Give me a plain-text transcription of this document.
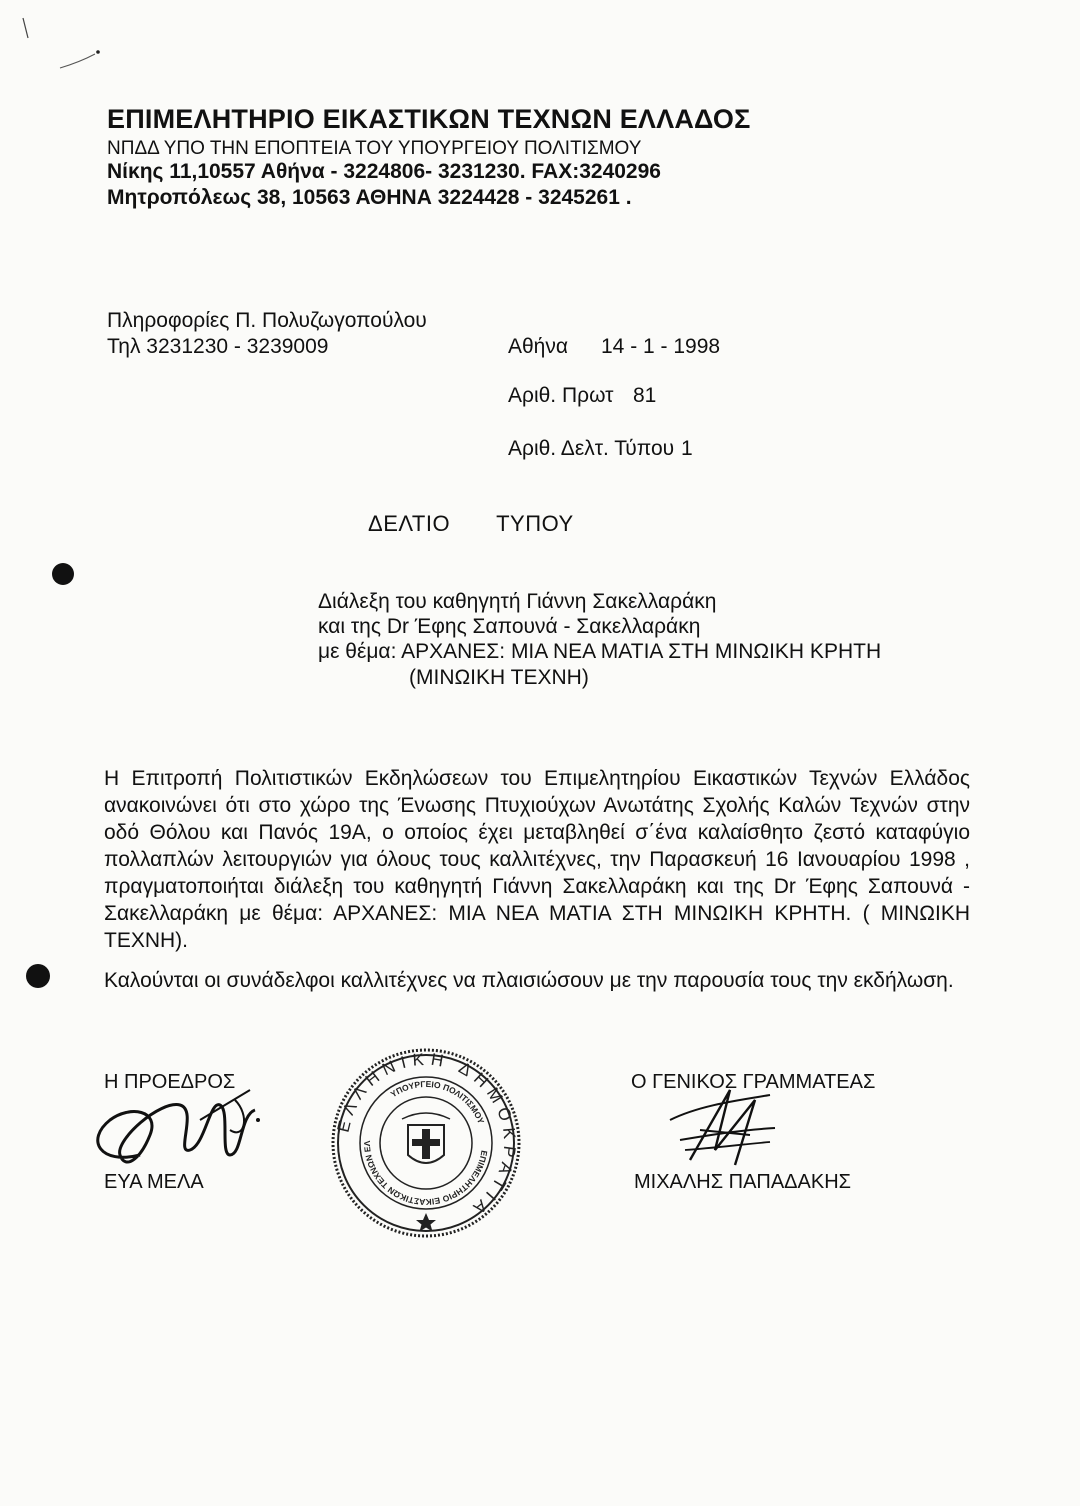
ΕΠΙΜΕΛΗΤΗΡΙΟ ΕΙΚΑΣΤΙΚΩΝ ΤΕΧΝΩΝ ΕΛΛΑΔΟΣ
ΝΠΔΔ ΥΠΟ ΤΗΝ ΕΠΟΠΤΕΙΑ ΤΟΥ ΥΠΟΥΡΓΕΙΟΥ ΠΟΛΙΤΙΣΜΟΥ
Νίκης 11,10557 Αθήνα - 3224806- 3231230. FAX:3240296
Μητροπόλεως 38, 10563 ΑΘΗΝΑ 3224428 - 3245261 .
Πληροφορίες Π. Πολυζωγοπούλου
Τηλ 3231230 - 3239009	Αθήνα 14 - 1 - 1998
Αριθ. Πρωτ 81
Αριθ. Δελτ. Τύπου 1
ΔΕΛΤΙΟ ΤΥΠΟΥ
Διάλεξη του καθηγητή Γιάννη Σακελλαράκη
και της Dr Έφης Σαπουνά - Σακελλαράκη
με θέμα: ΑΡΧΑΝΕΣ: ΜΙΑ ΝΕΑ ΜΑΤΙΑ ΣΤΗ ΜΙΝΩΙΚΗ ΚΡΗΤΗ
(ΜΙΝΩΙΚΗ ΤΕΧΝΗ)
Η Επιτροπή Πολιτιστικών Εκδηλώσεων του Επιμελητηρίου Εικαστικών Τεχνών Ελλάδος ανακοινώνει ότι στο χώρο της Ένωσης Πτυχιούχων Ανωτάτης Σχολής Καλών Τεχνών στην οδό Θόλου και Πανός 19Α, ο οποίος έχει μεταβληθεί σ΄ένα καλαίσθητο ζεστό καταφύγιο πολλαπλών λειτουργιών για όλους τους καλλιτέχνες, την Παρασκευή 16 Ιανουαρίου 1998 , πραγματοποιήται διάλεξη του καθηγητή Γιάννη Σακελλαράκη και της Dr Έφης Σαπουνά - Σακελλαράκη με θέμα: ΑΡΧΑΝΕΣ: ΜΙΑ ΝΕΑ ΜΑΤΙΑ ΣΤΗ ΜΙΝΩΙΚΗ ΚΡΗΤΗ. ( ΜΙΝΩΙΚΗ ΤΕΧΝΗ).
Καλούνται οι συνάδελφοι καλλιτέχνες να πλαισιώσουν με την παρουσία τους την εκδήλωση.
Η ΠΡΟΕΔΡΟΣ
ΕΥΑ ΜΕΛΑ
ΕΛΛΗΝΙΚΗ ΔΗΜΟΚΡΑΤΙΑ
ΕΠΙΜΕΛΗΤΗΡΙΟ ΕΙΚΑΣΤΙΚΩΝ ΤΕΧΝΩΝ ΕΛΛΑΔΟΣ
ΥΠΟΥΡΓΕΙΟ ΠΟΛΙΤΙΣΜΟΥ
Ο ΓΕΝΙΚΟΣ ΓΡΑΜΜΑΤΕΑΣ
ΜΙΧΑΛΗΣ ΠΑΠΑΔΑΚΗΣ
